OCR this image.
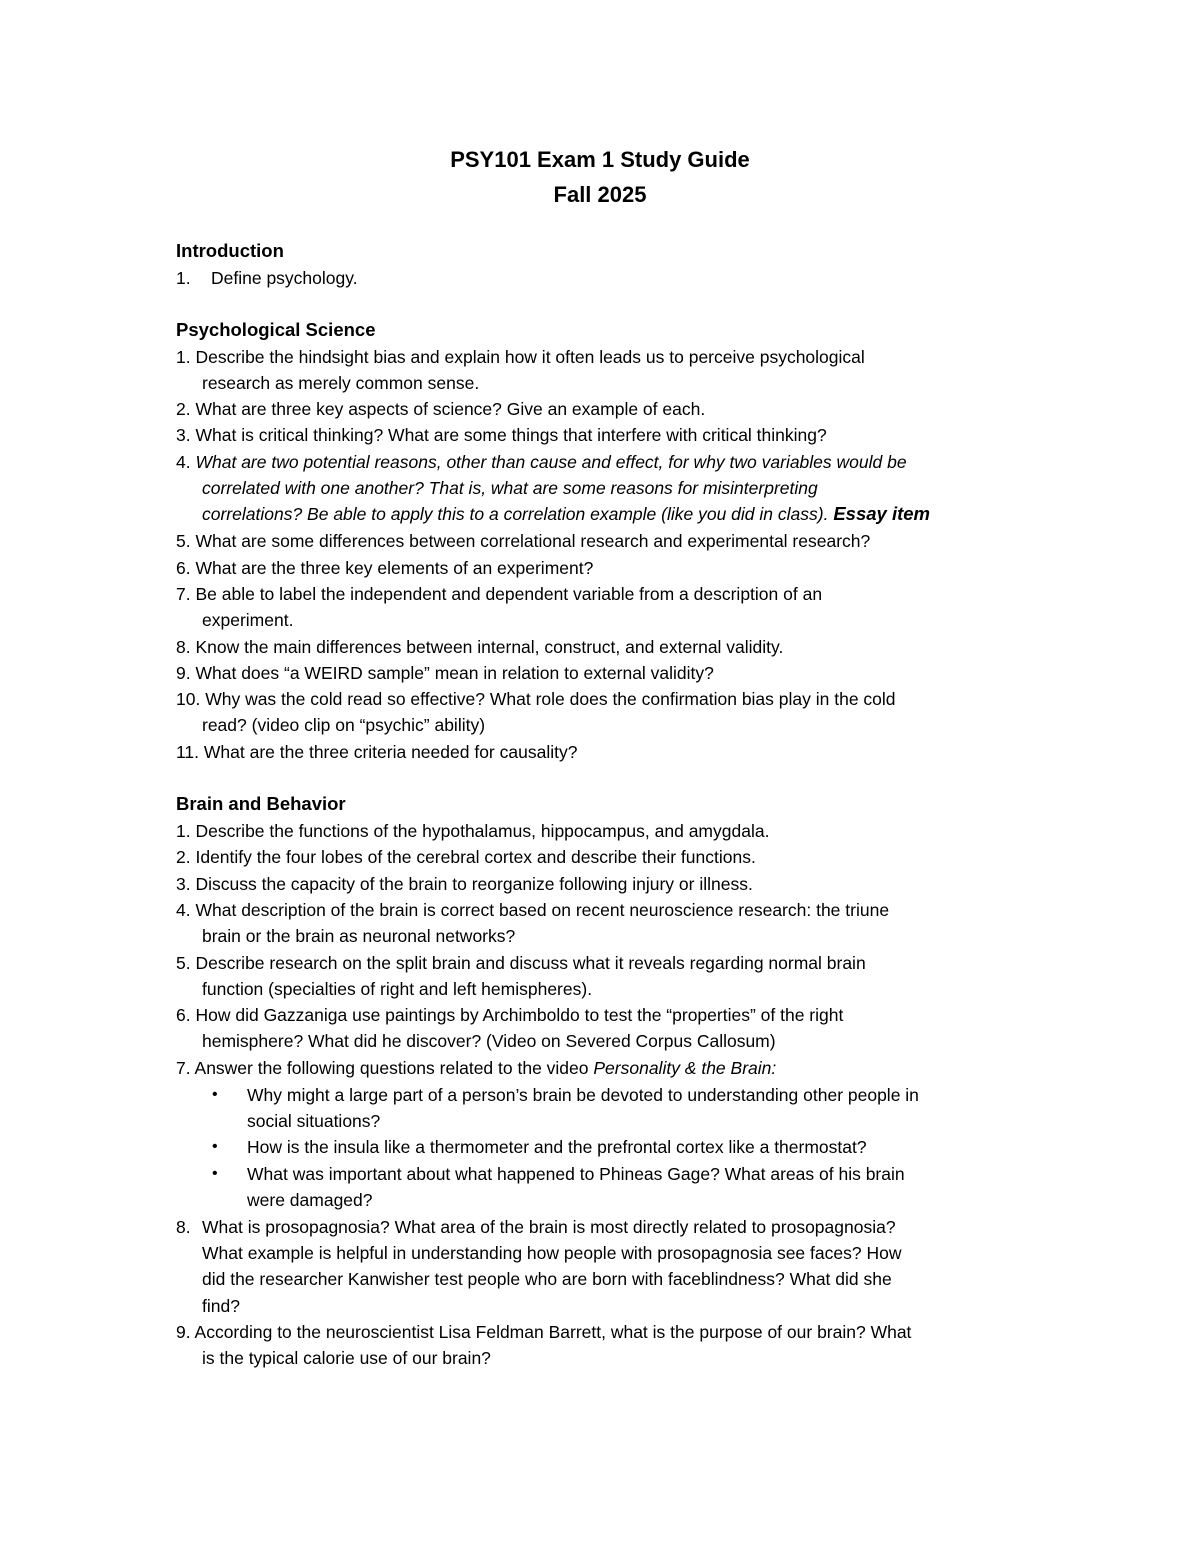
PSY101 Exam 1 Study Guide
Fall 2025
Introduction
1. Define psychology.
Psychological Science
1. Describe the hindsight bias and explain how it often leads us to perceive psychological
research as merely common sense.
2. What are three key aspects of science? Give an example of each.
3. What is critical thinking? What are some things that interfere with critical thinking?
4. What are two potential reasons, other than cause and effect, for why two variables would be
correlated with one another? That is, what are some reasons for misinterpreting
correlations? Be able to apply this to a correlation example (like you did in class). Essay item
5. What are some differences between correlational research and experimental research?
6. What are the three key elements of an experiment?
7. Be able to label the independent and dependent variable from a description of an
experiment.
8. Know the main differences between internal, construct, and external validity.
9. What does “a WEIRD sample” mean in relation to external validity?
10. Why was the cold read so effective? What role does the confirmation bias play in the cold
read? (video clip on “psychic” ability)
11. What are the three criteria needed for causality?
Brain and Behavior
1. Describe the functions of the hypothalamus, hippocampus, and amygdala.
2. Identify the four lobes of the cerebral cortex and describe their functions.
3. Discuss the capacity of the brain to reorganize following injury or illness.
4. What description of the brain is correct based on recent neuroscience research: the triune
brain or the brain as neuronal networks?
5. Describe research on the split brain and discuss what it reveals regarding normal brain
function (specialties of right and left hemispheres).
6. How did Gazzaniga use paintings by Archimboldo to test the “properties” of the right
hemisphere? What did he discover? (Video on Severed Corpus Callosum)
7. Answer the following questions related to the video Personality & the Brain:
•	Why might a large part of a person’s brain be devoted to understanding other people in
social situations?
•	How is the insula like a thermometer and the prefrontal cortex like a thermostat?
•	What was important about what happened to Phineas Gage? What areas of his brain
were damaged?
8. What is prosopagnosia? What area of the brain is most directly related to prosopagnosia?
What example is helpful in understanding how people with prosopagnosia see faces? How
did the researcher Kanwisher test people who are born with faceblindness? What did she
find?
9. According to the neuroscientist Lisa Feldman Barrett, what is the purpose of our brain? What
is the typical calorie use of our brain?
